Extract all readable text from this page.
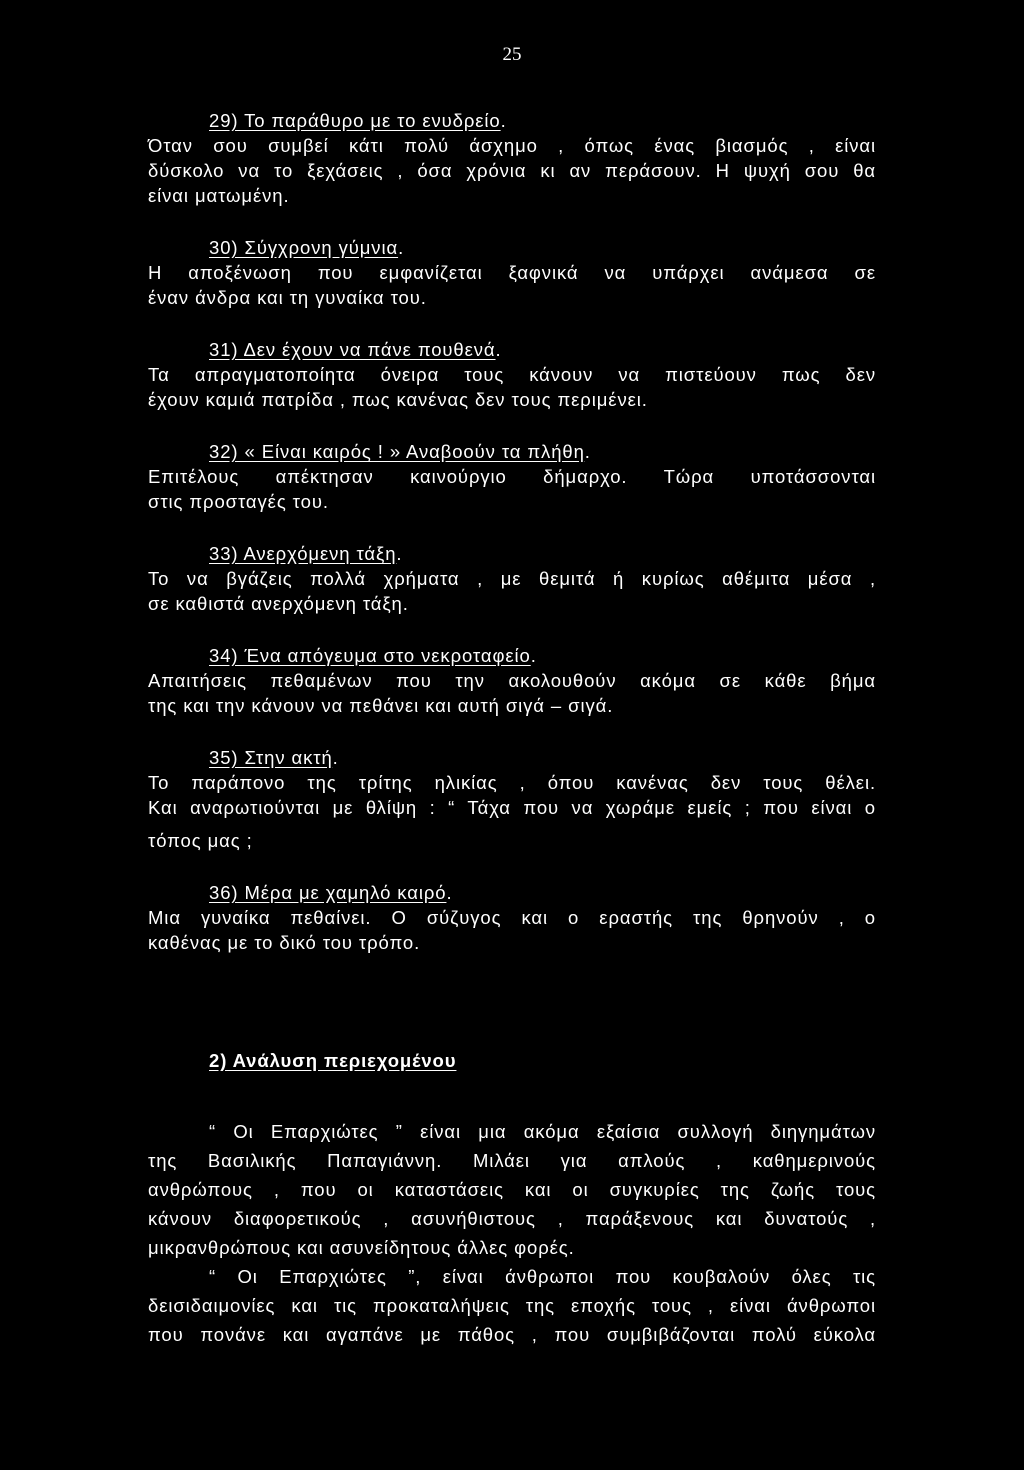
25
29) Το παράθυρο με το ενυδρείο.
Όταν σου συμβεί κάτι πολύ άσχημο , όπως ένας βιασμός , είναι
δύσκολο να το ξεχάσεις , όσα χρόνια κι αν περάσουν. Η ψυχή σου θα
είναι ματωμένη.
30) Σύγχρονη γύμνια.
Η αποξένωση που εμφανίζεται ξαφνικά να υπάρχει ανάμεσα σε
έναν άνδρα και τη γυναίκα του.
31) Δεν έχουν να πάνε πουθενά.
Τα απραγματοποίητα όνειρα τους κάνουν να πιστεύουν πως δεν
έχουν καμιά πατρίδα , πως κανένας δεν τους περιμένει.
32) « Είναι καιρός ! » Αναβοούν τα πλήθη.
Επιτέλους απέκτησαν καινούργιο δήμαρχο. Τώρα υποτάσσονται
στις προσταγές του.
33) Ανερχόμενη τάξη.
Το να βγάζεις πολλά χρήματα , με θεμιτά ή κυρίως αθέμιτα μέσα ,
σε καθιστά ανερχόμενη τάξη.
34) Ένα απόγευμα στο νεκροταφείο.
Απαιτήσεις πεθαμένων που την ακολουθούν ακόμα σε κάθε βήμα
της και την κάνουν να πεθάνει και αυτή σιγά – σιγά.
35) Στην ακτή.
Το παράπονο της τρίτης ηλικίας , όπου κανένας δεν τους θέλει.
Και αναρωτιούνται με θλίψη : “ Τάχα που να χωράμε εμείς ; που είναι ο
τόπος μας ;
36) Μέρα με χαμηλό καιρό.
Μια γυναίκα πεθαίνει. Ο σύζυγος και ο εραστής της θρηνούν , ο
καθένας με το δικό του τρόπο.
2) Ανάλυση περιεχομένου
“ Οι Επαρχιώτες ” είναι μια ακόμα εξαίσια συλλογή διηγημάτων
της Βασιλικής Παπαγιάννη. Μιλάει για απλούς , καθημερινούς
ανθρώπους , που οι καταστάσεις και οι συγκυρίες της ζωής τους
κάνουν διαφορετικούς , ασυνήθιστους , παράξενους και δυνατούς ,
μικρανθρώπους και ασυνείδητους άλλες φορές.
“ Οι Επαρχιώτες ”, είναι άνθρωποι που κουβαλούν όλες τις
δεισιδαιμονίες και τις προκαταλήψεις της εποχής τους , είναι άνθρωποι
που πονάνε και αγαπάνε με πάθος , που συμβιβάζονται πολύ εύκολα
